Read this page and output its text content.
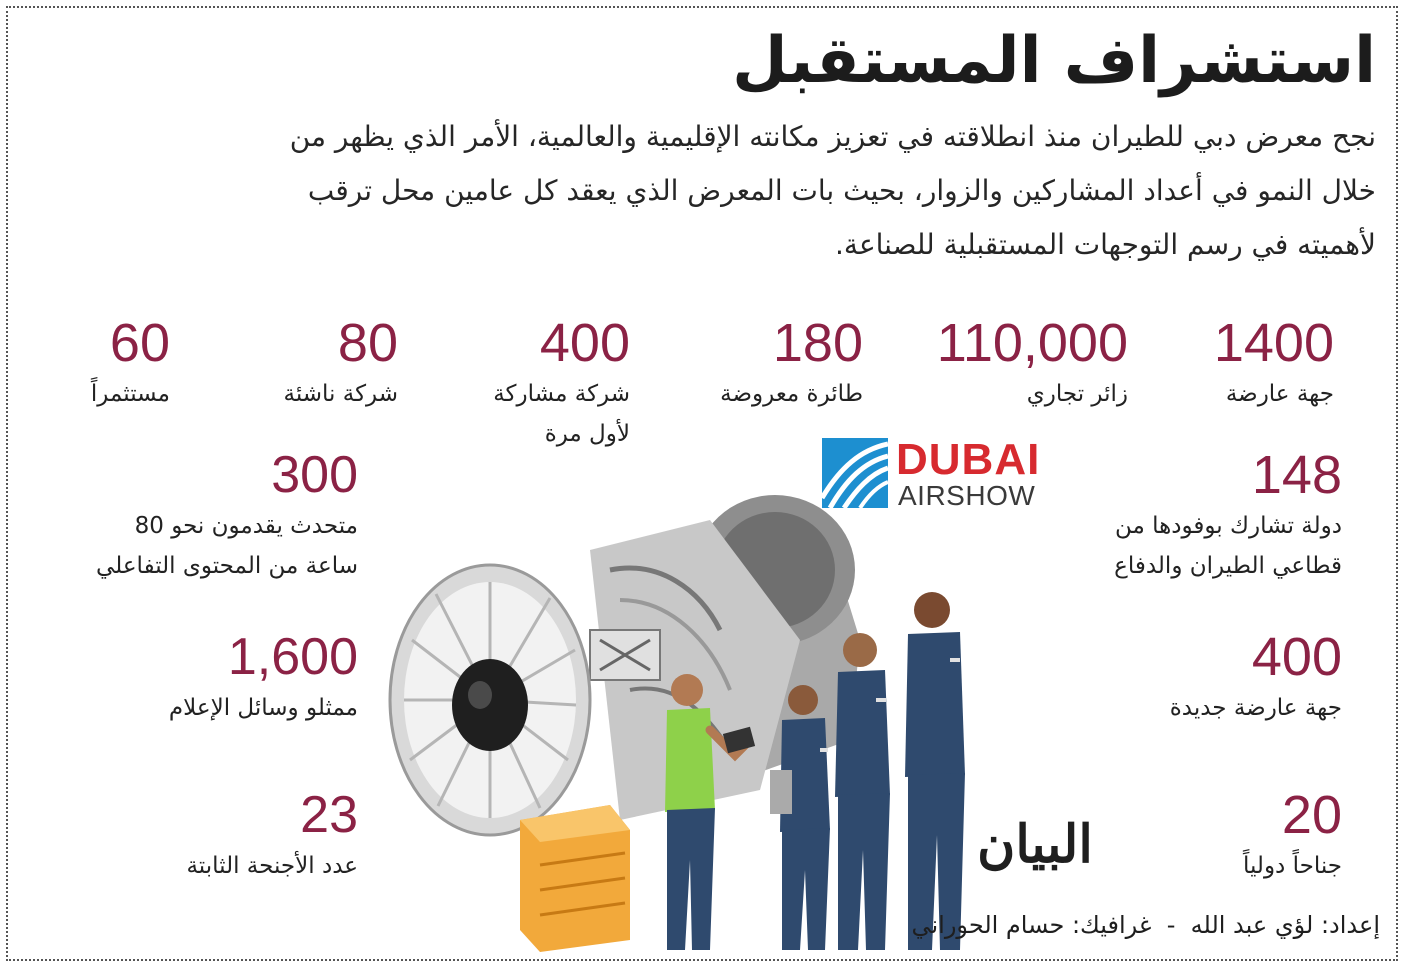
استشراف المستقبل

نجح معرض دبي للطيران منذ انطلاقته في تعزيز مكانته الإقليمية والعالمية، الأمر الذي يظهر من خلال النمو في أعداد المشاركين والزوار، بحيث بات المعرض الذي يعقد كل عامين محل ترقب لأهميته في رسم التوجهات المستقبلية للصناعة.

1400
جهة عارضة
110,000
زائر تجاري
180
طائرة معروضة
400
شركة مشاركة
لأول مرة
80
شركة ناشئة
60
مستثمراً
148
دولة تشارك بوفودها من
قطاعي الطيران والدفاع
400
جهة عارضة جديدة
20
جناحاً دولياً
300
متحدث يقدمون نحو 80
ساعة من المحتوى التفاعلي
1,600
ممثلو وسائل الإعلام
23
عدد الأجنحة الثابتة
DUBAI
AIRSHOW
البيان
إعداد: لؤي عبد الله  -  غرافيك: حسام الحوراني
